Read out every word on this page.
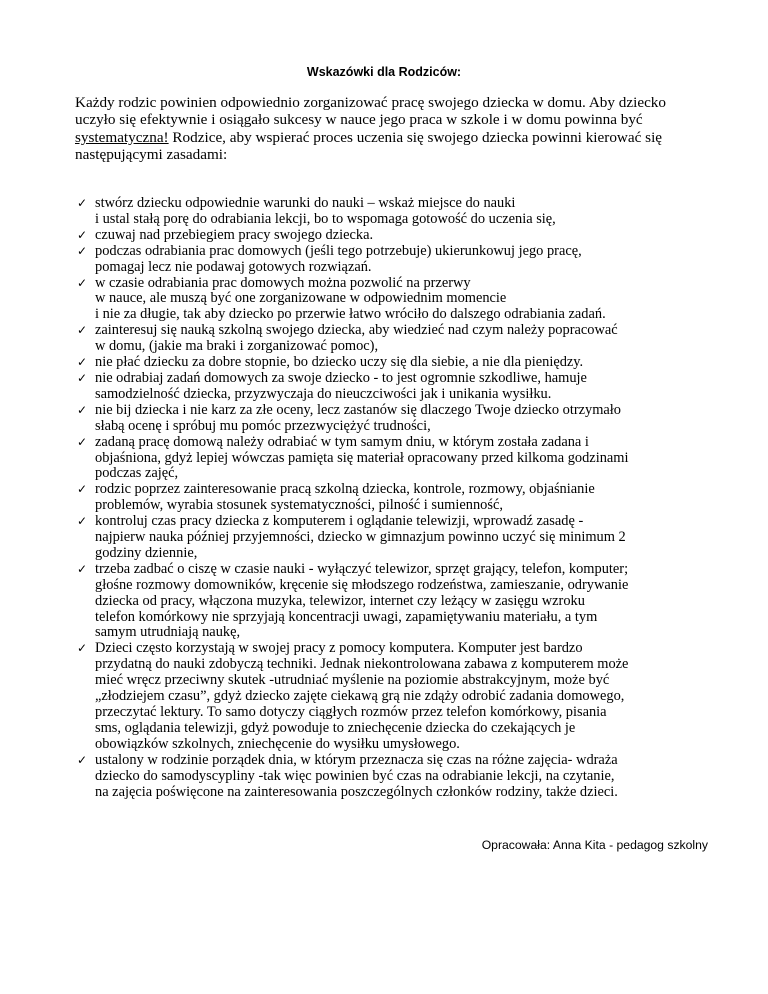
Wskazówki dla Rodziców:

Każdy rodzic powinien odpowiednio zorganizować pracę swojego dziecka w domu. Aby dziecko uczyło się efektywnie i osiągało sukcesy w nauce jego praca w szkole i w domu powinna być systematyczna! Rodzice, aby wspierać proces uczenia się swojego dziecka powinni kierować się następującymi zasadami:

✓ stwórz dziecku odpowiednie warunki do nauki – wskaż miejsce do nauki
i ustal stałą porę do odrabiania lekcji, bo to wspomaga gotowość do uczenia się,
✓ czuwaj nad przebiegiem pracy swojego dziecka.
✓ podczas odrabiania prac domowych (jeśli tego potrzebuje) ukierunkowuj jego pracę,
pomagaj lecz nie podawaj gotowych rozwiązań.
✓ w czasie odrabiania prac domowych można pozwolić na przerwy
w nauce, ale muszą być one zorganizowane w odpowiednim momencie
i nie za długie, tak aby dziecko po przerwie łatwo wróciło do dalszego odrabiania zadań.
✓ zainteresuj się nauką szkolną swojego dziecka, aby wiedzieć nad czym należy popracować
w domu, (jakie ma braki i zorganizować pomoc),
✓ nie płać dziecku za dobre stopnie, bo dziecko uczy się dla siebie, a nie dla pieniędzy.
✓ nie odrabiaj zadań domowych za swoje dziecko - to jest ogromnie szkodliwe, hamuje
samodzielność dziecka, przyzwyczaja do nieuczciwości jak i unikania wysiłku.
✓ nie bij dziecka i nie karz za złe oceny, lecz zastanów się dlaczego Twoje dziecko otrzymało
słabą ocenę i spróbuj mu pomóc przezwyciężyć trudności,
✓ zadaną pracę domową należy odrabiać w tym samym dniu, w którym została zadana i
objaśniona, gdyż lepiej wówczas pamięta się materiał opracowany przed kilkoma godzinami
podczas zajęć,
✓ rodzic poprzez zainteresowanie pracą szkolną dziecka, kontrole, rozmowy, objaśnianie
problemów, wyrabia stosunek systematyczności, pilność i sumienność,
✓ kontroluj czas pracy dziecka z komputerem i oglądanie telewizji, wprowadź zasadę -
najpierw nauka później przyjemności, dziecko w gimnazjum powinno uczyć się minimum 2
godziny dziennie,
✓ trzeba zadbać o ciszę w czasie nauki - wyłączyć telewizor, sprzęt grający, telefon, komputer;
głośne rozmowy domowników, kręcenie się młodszego rodzeństwa, zamieszanie, odrywanie
dziecka od pracy, włączona muzyka, telewizor, internet czy leżący w zasięgu wzroku
telefon komórkowy nie sprzyjają koncentracji uwagi, zapamiętywaniu materiału, a tym
samym utrudniają naukę,
✓ Dzieci często korzystają w swojej pracy z pomocy komputera. Komputer jest bardzo
przydatną do nauki zdobyczą techniki. Jednak niekontrolowana zabawa z komputerem może
mieć wręcz przeciwny skutek -utrudniać myślenie na poziomie abstrakcyjnym, może być
„złodziejem czasu”, gdyż dziecko zajęte ciekawą grą nie zdąży odrobić zadania domowego,
przeczytać lektury. To samo dotyczy ciągłych rozmów przez telefon komórkowy, pisania
sms, oglądania telewizji, gdyż powoduje to zniechęcenie dziecka do czekających je
obowiązków szkolnych, zniechęcenie do wysiłku umysłowego.
✓ ustalony w rodzinie porządek dnia, w którym przeznacza się czas na różne zajęcia- wdraża
dziecko do samodyscypliny -tak więc powinien być czas na odrabianie lekcji, na czytanie,
na zajęcia poświęcone na zainteresowania poszczególnych członków rodziny, także dzieci.
Opracowała: Anna Kita - pedagog szkolny
